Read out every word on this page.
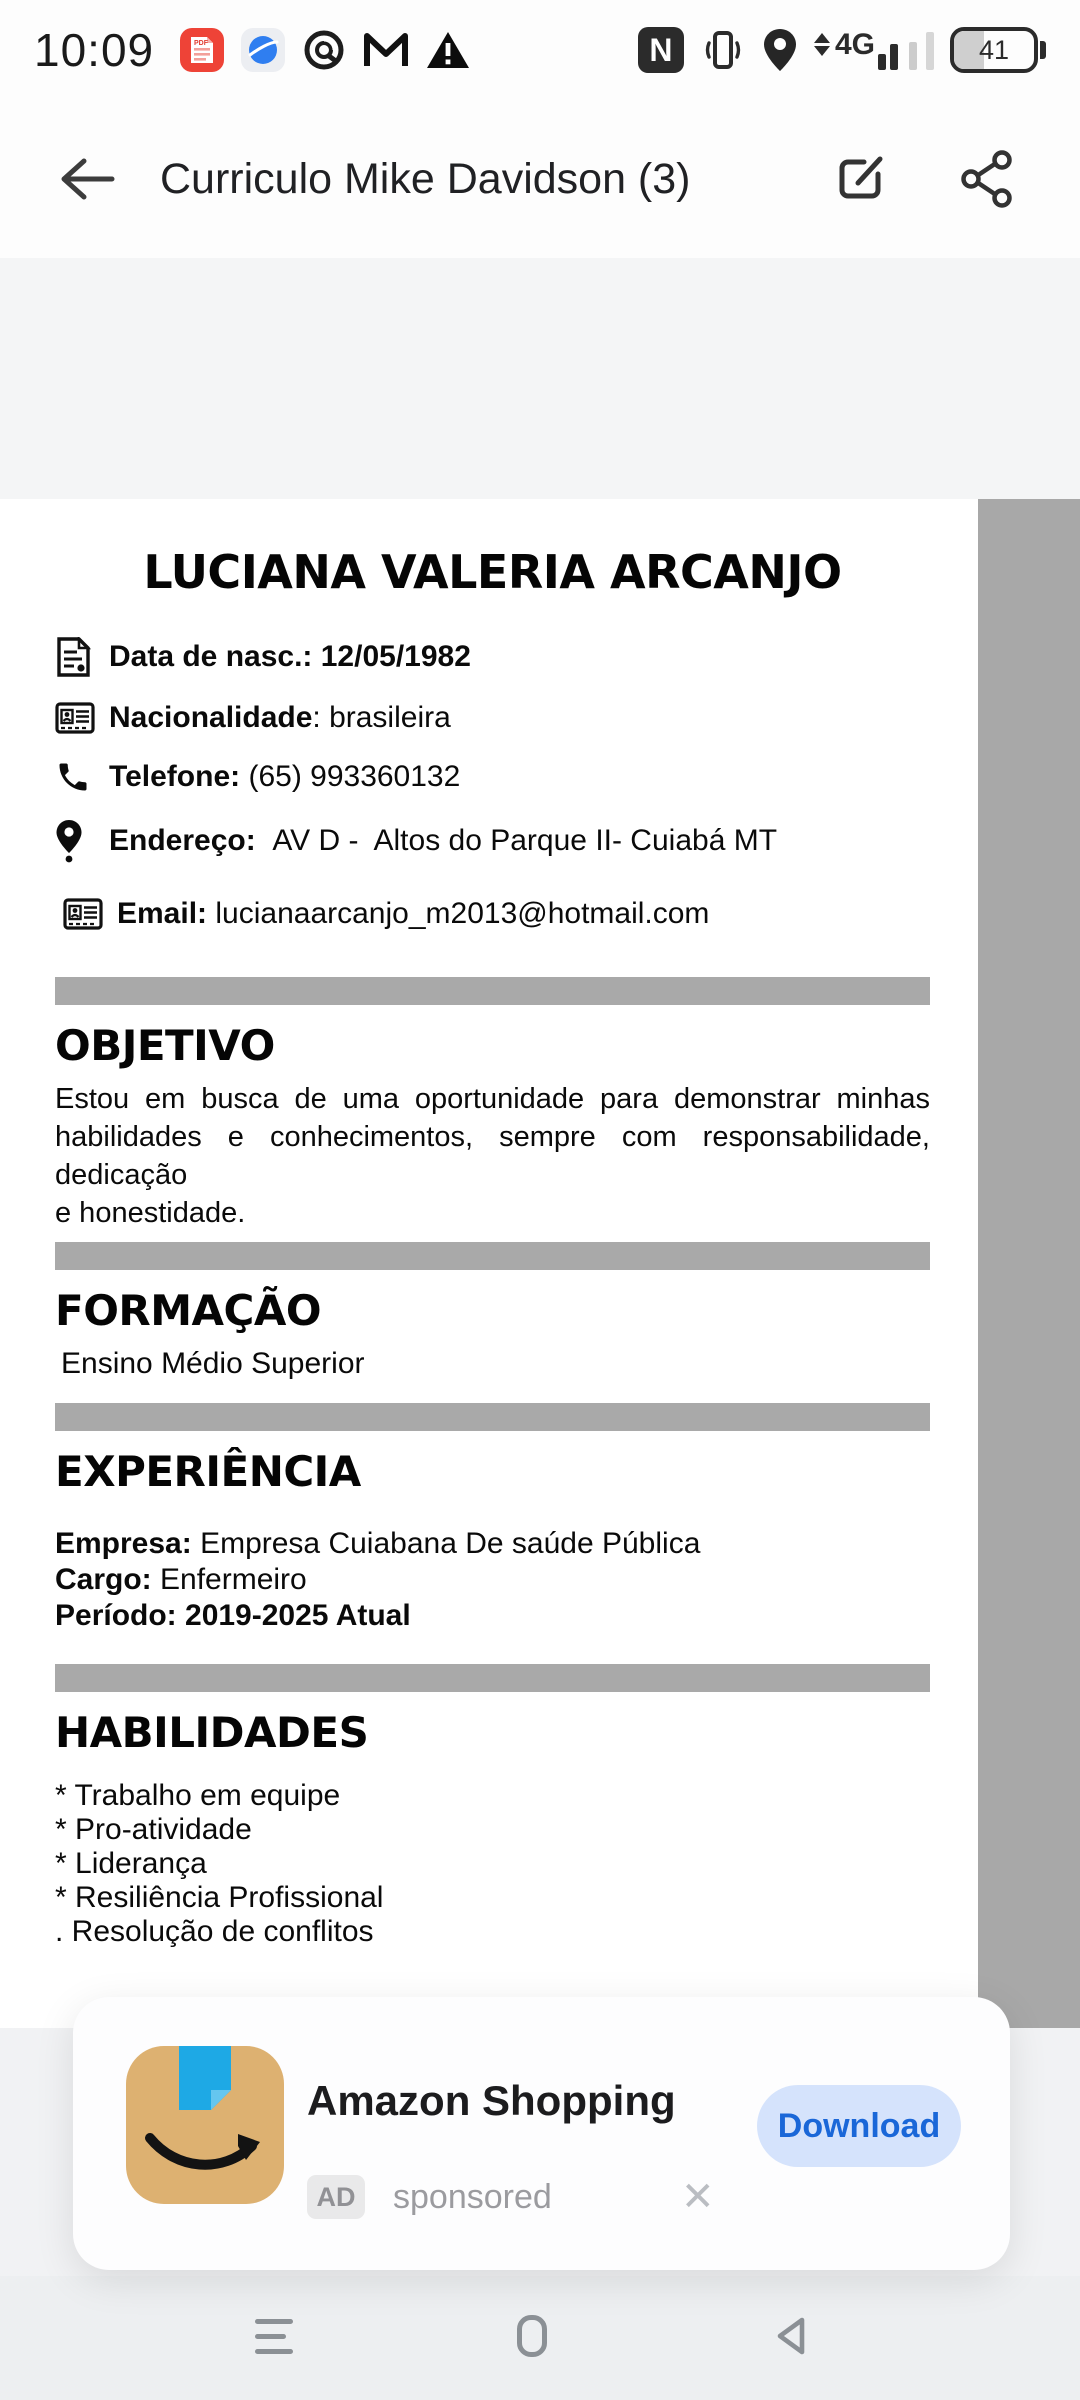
10:09	PDF	N	4G	41
Curriculo Mike Davidson (3)
LUCIANA VALERIA ARCANJO
Data de nasc.: 12/05/1982
Nacionalidade : brasileira
Telefone: (65) 993360132
Endereço: AV D -  Altos do Parque II- Cuiabá MT
Email: lucianaarcanjo_m2013@hotmail.com
OBJETIVO
Estou em busca de uma oportunidade para demonstrar minhas
habilidades e conhecimentos, sempre com responsabilidade, dedicação
e honestidade.
FORMAÇÃO
Ensino Médio Superior
EXPERIÊNCIA
Empresa: Empresa Cuiabana De saúde Pública
Cargo: Enfermeiro
Período: 2019-2025 Atual
HABILIDADES
* Trabalho em equipe
* Pro-atividade
* Liderança
* Resiliência Profissional
. Resolução de conflitos
Amazon Shopping
Download
AD sponsored	✕
